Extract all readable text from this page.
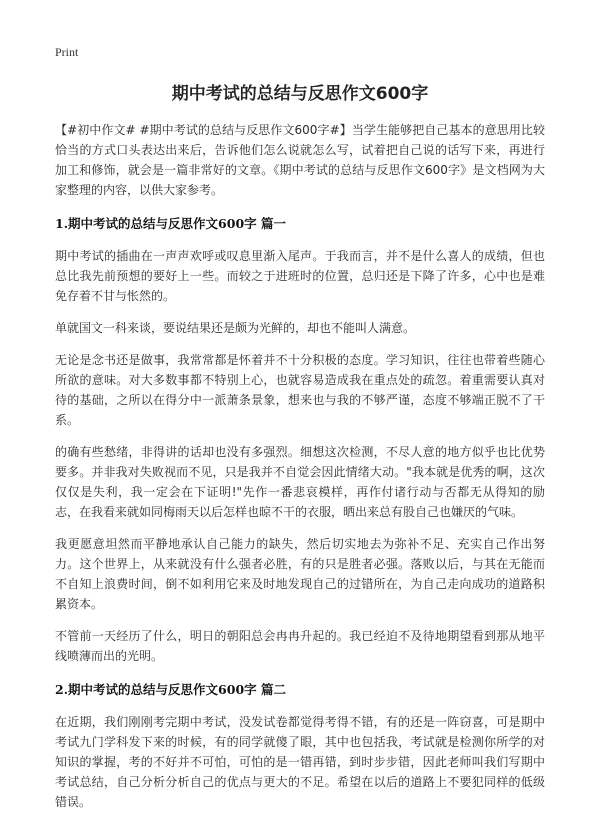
Print
期中考试的总结与反思作文600字

【#初中作文# #期中考试的总结与反思作文600字#】当学生能够把自己基本的意思用比较恰当的方式口头表达出来后，告诉他们怎么说就怎么写，试着把自己说的话写下来，再进行加工和修饰，就会是一篇非常好的文章。《期中考试的总结与反思作文600字》是文档网为大家整理的内容，以供大家参考。

1.期中考试的总结与反思作文600字 篇一

期中考试的插曲在一声声欢呼或叹息里渐入尾声。于我而言，并不是什么喜人的成绩，但也总比我先前预想的要好上一些。而较之于进班时的位置，总归还是下降了许多，心中也是难免存着不甘与怅然的。

单就国文一科来谈，要说结果还是颇为光鲜的，却也不能叫人满意。

无论是念书还是做事，我常常都是怀着并不十分积极的态度。学习知识，往往也带着些随心所欲的意味。对大多数事都不特别上心，也就容易造成我在重点处的疏忽。着重需要认真对待的基础，之所以在得分中一派萧条景象，想来也与我的不够严谨，态度不够端正脱不了干系。

的确有些愁绪，非得讲的话却也没有多强烈。细想这次检测，不尽人意的地方似乎也比优势要多。并非我对失败视而不见，只是我并不自觉会因此情绪大动。"我本就是优秀的啊，这次仅仅是失利，我一定会在下证明!"先作一番悲哀模样，再作付诸行动与否都无从得知的励志，在我看来就如同梅雨天以后怎样也晾不干的衣服，晒出来总有股自己也嫌厌的气味。

我更愿意坦然而平静地承认自己能力的缺失，然后切实地去为弥补不足、充实自己作出努力。这个世界上，从来就没有什么强者必胜，有的只是胜者必强。落败以后，与其在无能而不自知上浪费时间，倒不如利用它来及时地发现自己的过错所在，为自己走向成功的道路积累资本。

不管前一天经历了什么，明日的朝阳总会冉冉升起的。我已经迫不及待地期望看到那从地平线喷薄而出的光明。

2.期中考试的总结与反思作文600字 篇二

在近期，我们刚刚考完期中考试，没发试卷都觉得考得不错，有的还是一阵窃喜，可是期中考试九门学科发下来的时候，有的同学就傻了眼，其中也包括我，考试就是检测你所学的对知识的掌握，考的不好并不可怕，可怕的是一错再错，到时步步错，因此老师叫我们写期中考试总结，自己分析分析自己的优点与更大的不足。希望在以后的道路上不要犯同样的低级错误。
